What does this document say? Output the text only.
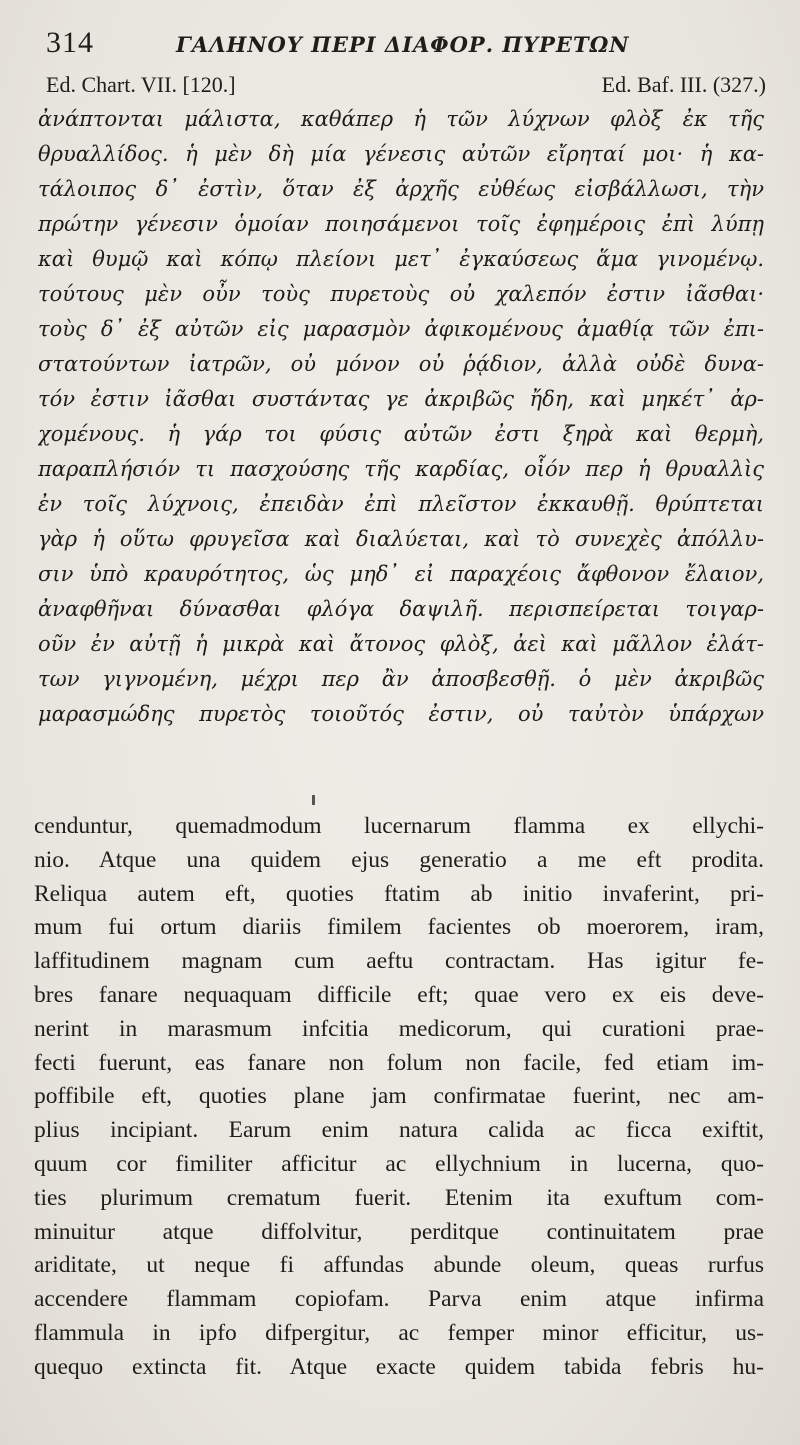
314	ΓΑΛΗΝΟΥ ΠΕΡΙ ΔΙΑΦΟΡ. ΠΥΡΕΤΩΝ
Ed. Chart. VII. [120.]	Ed. Baf. III. (327.)
ἀνάπτονται μάλιστα, καθάπερ ἡ τῶν λύχνων φλὸξ ἐκ τῆς
θρυαλλίδος. ἡ μὲν δὴ μία γένεσις αὐτῶν εἴρηταί μοι· ἡ κα-
τάλοιπος δ᾽ ἐστὶν, ὅταν ἐξ ἀρχῆς εὐθέως εἰσβάλλωσι, τὴν
πρώτην γένεσιν ὁμοίαν ποιησάμενοι τοῖς ἐφημέροις ἐπὶ λύπῃ
καὶ θυμῷ καὶ κόπῳ πλείονι μετ᾽ ἐγκαύσεως ἅμα γινομένῳ.
τούτους μὲν οὖν τοὺς πυρετοὺς οὐ χαλεπόν ἐστιν ἰᾶσθαι·
τοὺς δ᾽ ἐξ αὐτῶν εἰς μαρασμὸν ἀφικομένους ἀμαθίᾳ τῶν ἐπι-
στατούντων ἰατρῶν, οὐ μόνον οὐ ῥᾴδιον, ἀλλὰ οὐδὲ δυνα-
τόν ἐστιν ἰᾶσθαι συστάντας γε ἀκριβῶς ἤδη, καὶ μηκέτ᾽ ἀρ-
χομένους. ἡ γάρ τοι φύσις αὐτῶν ἐστι ξηρὰ καὶ θερμὴ,
παραπλήσιόν τι πασχούσης τῆς καρδίας, οἷόν περ ἡ θρυαλλὶς
ἐν τοῖς λύχνοις, ἐπειδὰν ἐπὶ πλεῖστον ἐκκαυθῇ. θρύπτεται
γὰρ ἡ οὕτω φρυγεῖσα καὶ διαλύεται, καὶ τὸ συνεχὲς ἀπόλλυ-
σιν ὑπὸ κραυρότητος, ὡς μηδ᾽ εἰ παραχέοις ἄφθονον ἔλαιον,
ἀναφθῆναι δύνασθαι φλόγα δαψιλῆ. περισπείρεται τοιγαρ-
οῦν ἐν αὐτῇ ἡ μικρὰ καὶ ἄτονος φλὸξ, ἀεὶ καὶ μᾶλλον ἐλάτ-
των γιγνομένη, μέχρι περ ἂν ἀποσβεσθῇ. ὁ μὲν ἀκριβῶς
μαρασμώδης πυρετὸς τοιοῦτός ἐστιν, οὐ ταὐτὸν ὑπάρχων
cenduntur, quemadmodum lucernarum flamma ex ellychi-
nio. Atque una quidem ejus generatio a me eft prodita.
Reliqua autem eft, quoties ftatim ab initio invaferint, pri-
mum fui ortum diariis fimilem facientes ob moerorem, iram,
laffitudinem magnam cum aeftu contractam. Has igitur fe-
bres fanare nequaquam difficile eft; quae vero ex eis deve-
nerint in marasmum infcitia medicorum, qui curationi prae-
fecti fuerunt, eas fanare non folum non facile, fed etiam im-
poffibile eft, quoties plane jam confirmatae fuerint, nec am-
plius incipiant. Earum enim natura calida ac ficca exiftit,
quum cor fimiliter afficitur ac ellychnium in lucerna, quo-
ties plurimum crematum fuerit. Etenim ita exuftum com-
minuitur atque diffolvitur, perditque continuitatem prae
ariditate, ut neque fi affundas abunde oleum, queas rurfus
accendere flammam copiofam. Parva enim atque infirma
flammula in ipfo difpergitur, ac femper minor efficitur, us-
quequo extincta fit. Atque exacte quidem tabida febris hu-
